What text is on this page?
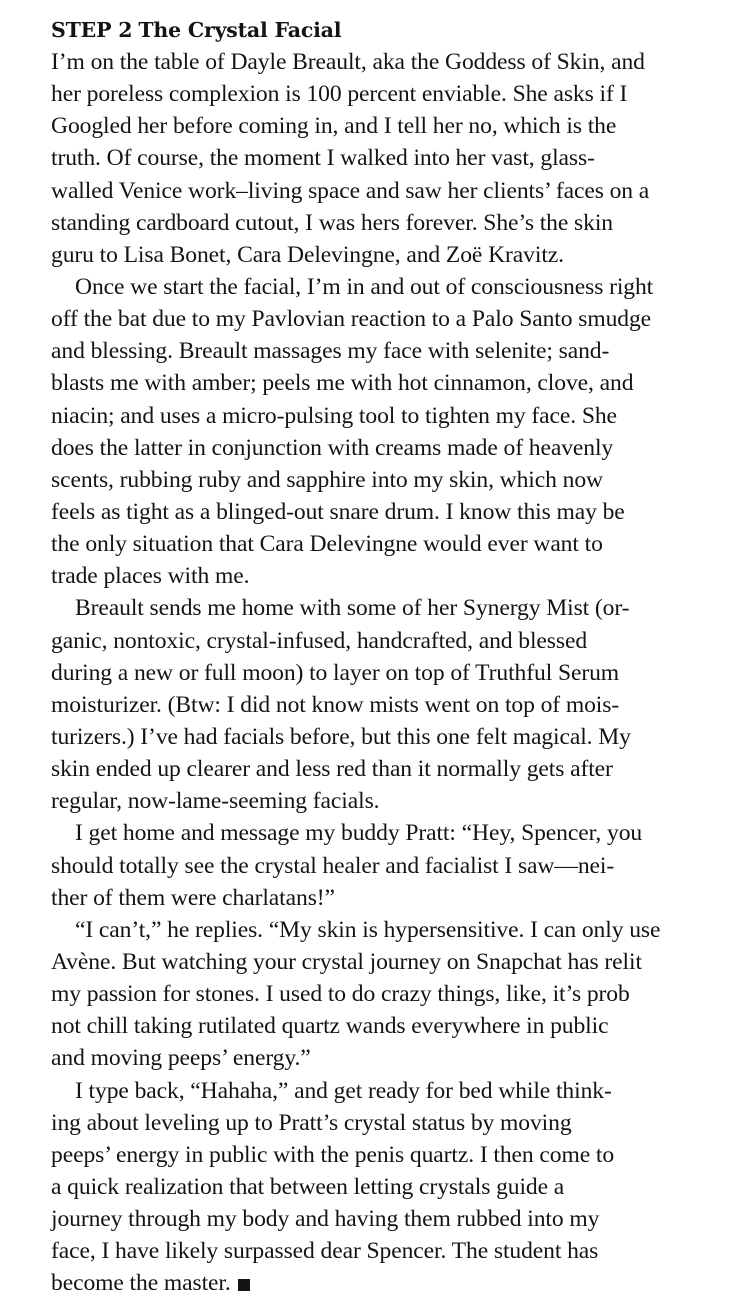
STEP 2 The Crystal Facial
I’m on the table of Dayle Breault, aka the Goddess of Skin, and
her poreless complexion is 100 percent enviable. She asks if I
Googled her before coming in, and I tell her no, which is the
truth. Of course, the moment I walked into her vast, glass-
walled Venice work–living space and saw her clients’ faces on a
standing cardboard cutout, I was hers forever. She’s the skin
guru to Lisa Bonet, Cara Delevingne, and Zoë Kravitz.
Once we start the facial, I’m in and out of consciousness right
off the bat due to my Pavlovian reaction to a Palo Santo smudge
and blessing. Breault massages my face with selenite; sand-
blasts me with amber; peels me with hot cinnamon, clove, and
niacin; and uses a micro-pulsing tool to tighten my face. She
does the latter in conjunction with creams made of heavenly
scents, rubbing ruby and sapphire into my skin, which now
feels as tight as a blinged-out snare drum. I know this may be
the only situation that Cara Delevingne would ever want to
trade places with me.
Breault sends me home with some of her Synergy Mist (or-
ganic, nontoxic, crystal-infused, handcrafted, and blessed
during a new or full moon) to layer on top of Truthful Serum
moisturizer. (Btw: I did not know mists went on top of mois-
turizers.) I’ve had facials before, but this one felt magical. My
skin ended up clearer and less red than it normally gets after
regular, now-lame-seeming facials.
I get home and message my buddy Pratt: “Hey, Spencer, you
should totally see the crystal healer and facialist I saw—nei-
ther of them were charlatans!”
“I can’t,” he replies. “My skin is hypersensitive. I can only use
Avène. But watching your crystal journey on Snapchat has relit
my passion for stones. I used to do crazy things, like, it’s prob
not chill taking rutilated quartz wands everywhere in public
and moving peeps’ energy.”
I type back, “Hahaha,” and get ready for bed while think-
ing about leveling up to Pratt’s crystal status by moving
peeps’ energy in public with the penis quartz. I then come to
a quick realization that between letting crystals guide a
journey through my body and having them rubbed into my
face, I have likely surpassed dear Spencer. The student has
become the master.
